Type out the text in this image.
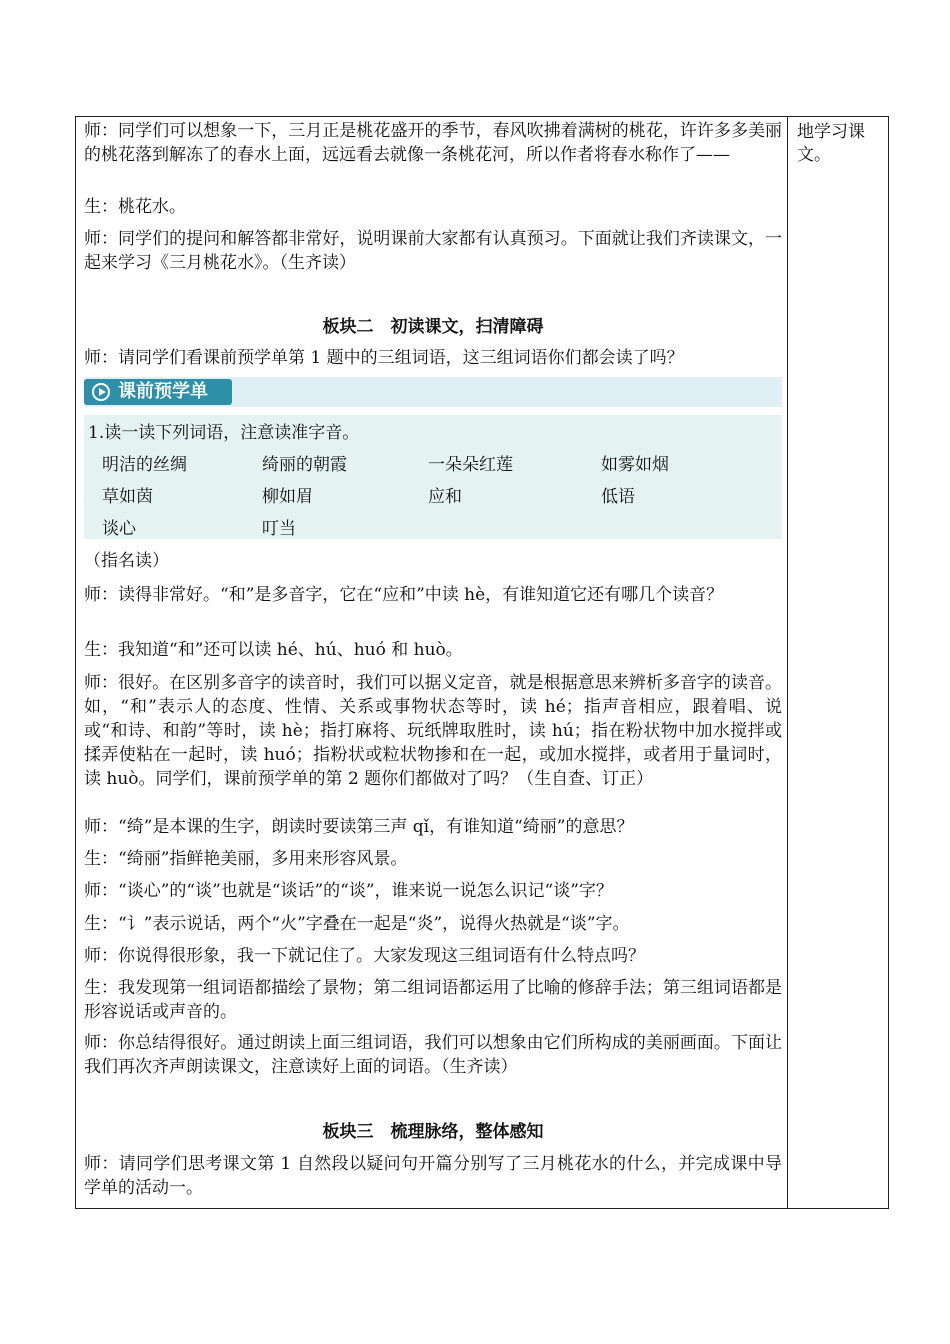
师：同学们可以想象一下，三月正是桃花盛开的季节，春风吹拂着满树的桃花，许许多多美丽的桃花落到解冻了的春水上面，远远看去就像一条桃花河，所以作者将春水称作了——

生：桃花水。

师：同学们的提问和解答都非常好，说明课前大家都有认真预习。下面就让我们齐读课文，一起来学习《三月桃花水》。（生齐读）

板块二　初读课文，扫清障碍

师：请同学们看课前预学单第 1 题中的三组词语，这三组词语你们都会读了吗？

课前预学单
1.读一读下列词语，注意读准字音。
明洁的丝绸	绮丽的朝霞	一朵朵红莲	如雾如烟
草如茵	柳如眉	应和	低语
谈心	叮当

（指名读）

师：读得非常好。“和”是多音字，它在“应和”中读 hè，有谁知道它还有哪几个读音？

生：我知道“和”还可以读 hé、hú、huó 和 huò。

师：很好。在区别多音字的读音时，我们可以据义定音，就是根据意思来辨析多音字的读音。如，“和”表示人的态度、性情、关系或事物状态等时，读 hé；指声音相应，跟着唱、说或“和诗、和韵”等时，读 hè；指打麻将、玩纸牌取胜时，读 hú；指在粉状物中加水搅拌或揉弄使粘在一起时，读 huó；指粉状或粒状物掺和在一起，或加水搅拌，或者用于量词时，读 huò。同学们，课前预学单的第 2 题你们都做对了吗？（生自查、订正）

师：“绮”是本课的生字，朗读时要读第三声 qǐ，有谁知道“绮丽”的意思？

生：“绮丽”指鲜艳美丽，多用来形容风景。

师：“谈心”的“谈”也就是“谈话”的“谈”，谁来说一说怎么识记“谈”字？

生：“讠”表示说话，两个“火”字叠在一起是“炎”，说得火热就是“谈”字。

师：你说得很形象，我一下就记住了。大家发现这三组词语有什么特点吗？

生：我发现第一组词语都描绘了景物；第二组词语都运用了比喻的修辞手法；第三组词语都是形容说话或声音的。

师：你总结得很好。通过朗读上面三组词语，我们可以想象由它们所构成的美丽画面。下面让我们再次齐声朗读课文，注意读好上面的词语。（生齐读）

板块三　梳理脉络，整体感知

师：请同学们思考课文第 1 自然段以疑问句开篇分别写了三月桃花水的什么，并完成课中导学单的活动一。

地学习课文。
